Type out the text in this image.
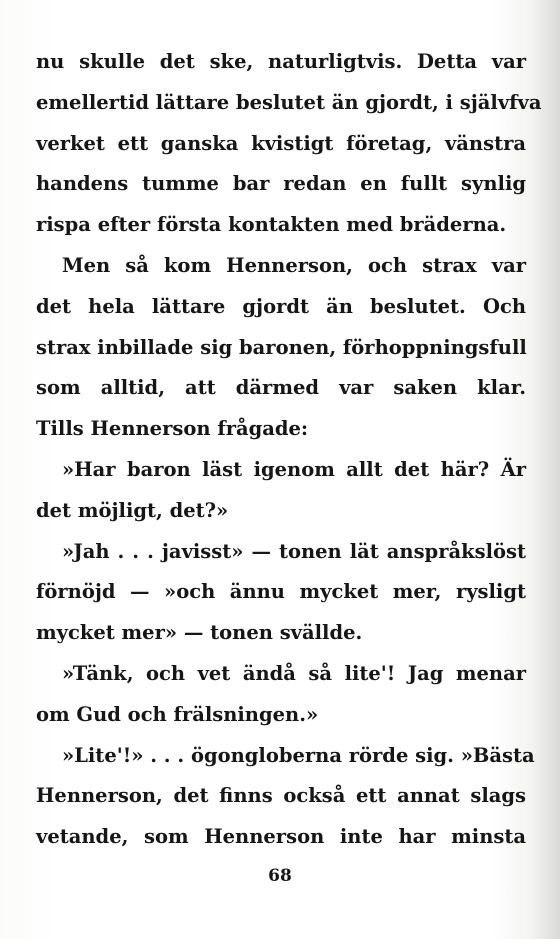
nu skulle det ske, naturligtvis. Detta var
emellertid lättare beslutet än gjordt, i självfva
verket ett ganska kvistigt företag, vänstra
handens tumme bar redan en fullt synlig
rispa efter första kontakten med bräderna.
Men så kom Hennerson, och strax var
det hela lättare gjordt än beslutet. Och
strax inbillade sig baronen, förhoppningsfull
som alltid, att därmed var saken klar.
Tills Hennerson frågade:
»Har baron läst igenom allt det här? Är
det möjligt, det?»
»Jah . . . javisst» — tonen lät anspråkslöst
förnöjd — »och ännu mycket mer, rysligt
mycket mer» — tonen svällde.
»Tänk, och vet ändå så lite'! Jag menar
om Gud och frälsningen.»
»Lite'!» . . . ögongloberna rörde sig. »Bästa
Hennerson, det finns också ett annat slags
vetande, som Hennerson inte har minsta
68
